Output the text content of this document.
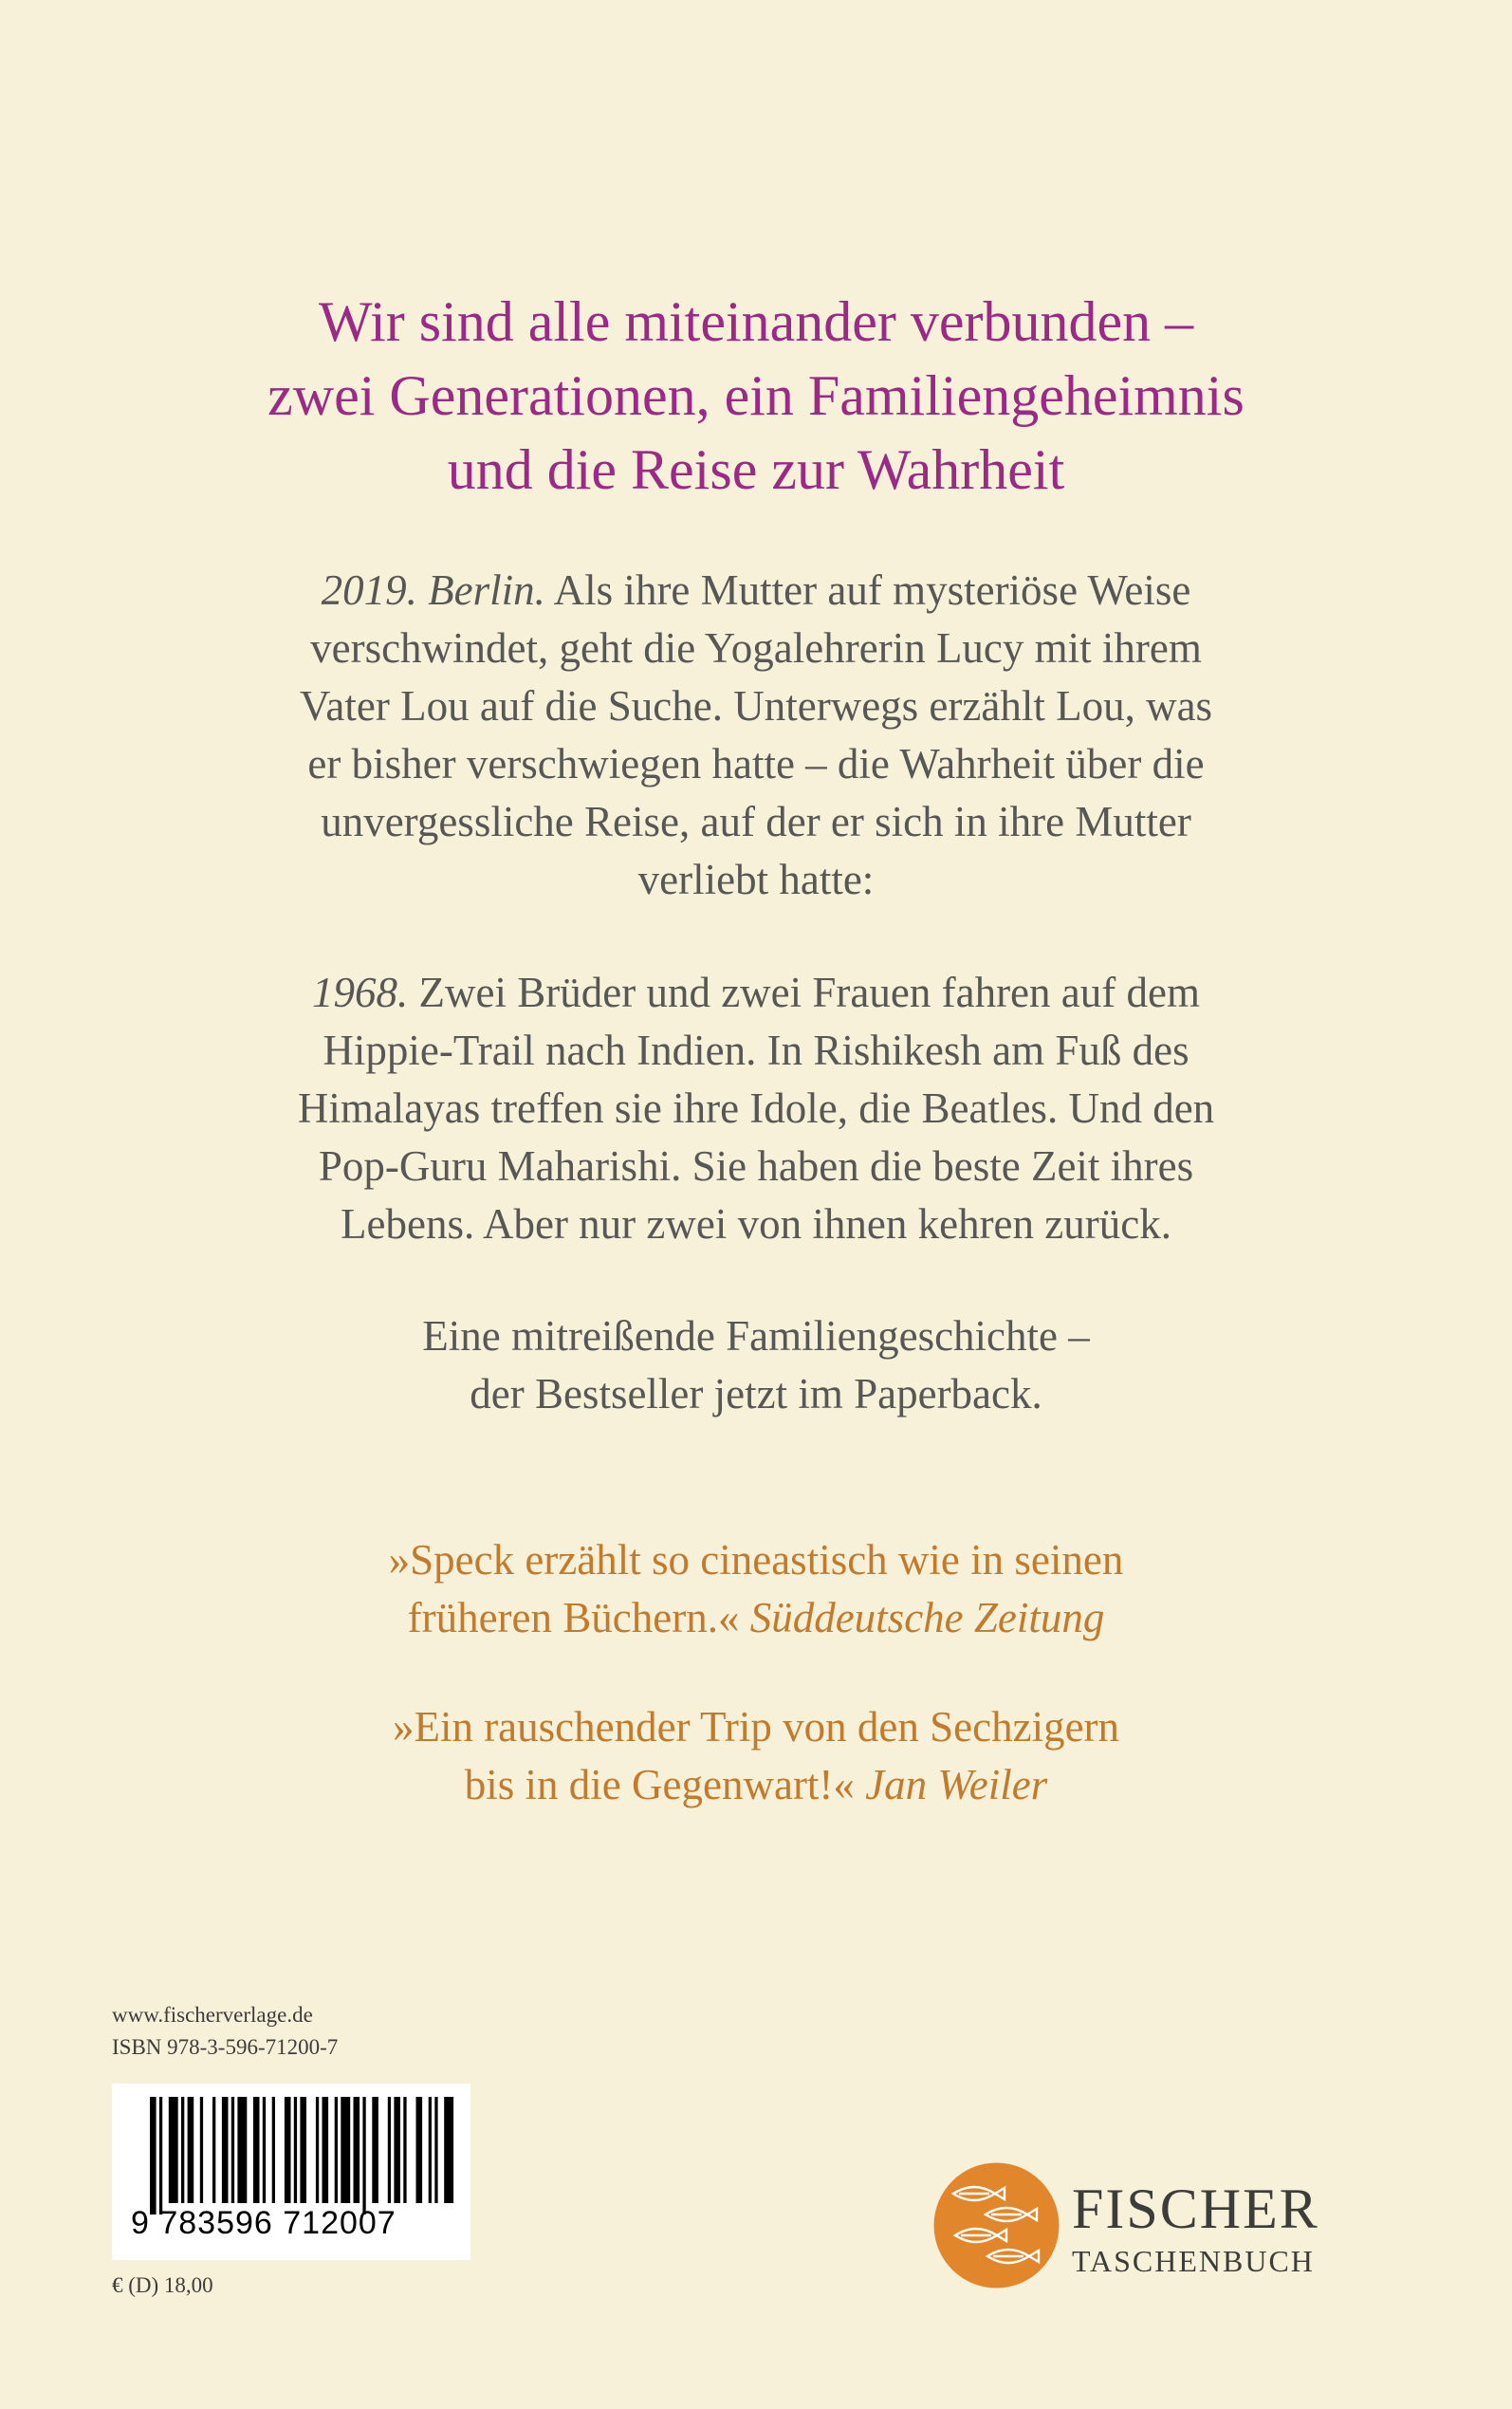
Wir sind alle miteinander verbunden –
zwei Generationen, ein Familiengeheimnis
und die Reise zur Wahrheit
2019. Berlin. Als ihre Mutter auf mysteriöse Weise
verschwindet, geht die Yogalehrerin Lucy mit ihrem
Vater Lou auf die Suche. Unterwegs erzählt Lou, was
er bisher verschwiegen hatte – die Wahrheit über die
unvergessliche Reise, auf der er sich in ihre Mutter
verliebt hatte:
1968. Zwei Brüder und zwei Frauen fahren auf dem
Hippie-Trail nach Indien. In Rishikesh am Fuß des
Himalayas treffen sie ihre Idole, die Beatles. Und den
Pop-Guru Maharishi. Sie haben die beste Zeit ihres
Lebens. Aber nur zwei von ihnen kehren zurück.
Eine mitreißende Familiengeschichte –
der Bestseller jetzt im Paperback.
»Speck erzählt so cineastisch wie in seinen
früheren Büchern.« Süddeutsche Zeitung
»Ein rauschender Trip von den Sechzigern
bis in die Gegenwart!« Jan Weiler
www.fischerverlage.de
ISBN 978-3-596-71200-7
9 783596 712007
€ (D) 18,00
FISCHER
TASCHENBUCH
